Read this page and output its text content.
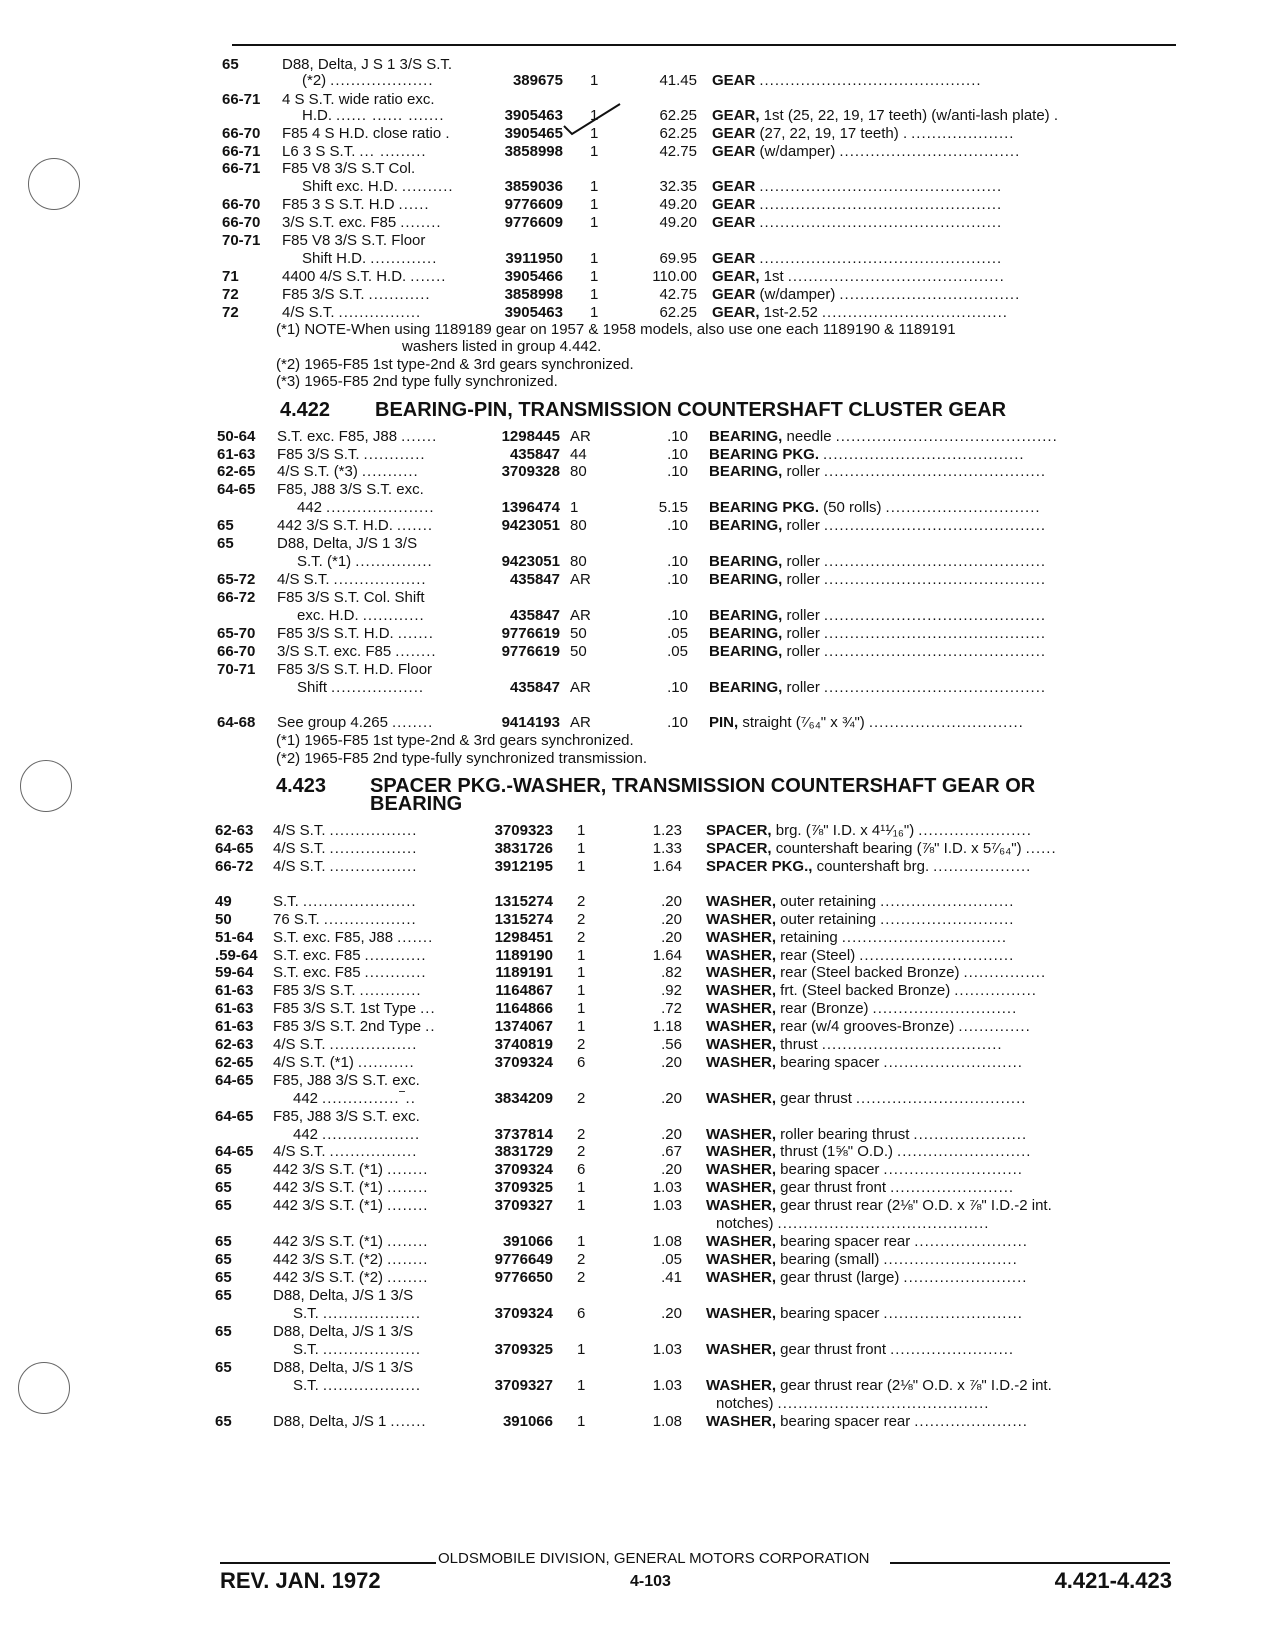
65	D88, Delta, J S 1 3/S S.T.
(*2) ....................	389675 1	41.45 GEAR ...........................................
66-71 4 S S.T. wide ratio exc.
H.D. ...... ...... .......	3905463 1	62.25 GEAR, 1st (25, 22, 19, 17 teeth) (w/anti-lash plate) .
66-70 F85 4 S H.D. close ratio .	3905465 1	62.25 GEAR (27, 22, 19, 17 teeth) . ....................
66-71 L6 3 S S.T. ... .........	3858998 1	42.75 GEAR (w/damper) ...................................
66-71 F85 V8 3/S S.T Col.
Shift exc. H.D. ..........	3859036 1	32.35 GEAR ...............................................
66-70 F85 3 S S.T. H.D ......	9776609 1	49.20 GEAR ...............................................
66-70 3/S S.T. exc. F85 ........	9776609 1	49.20 GEAR ...............................................
70-71 F85 V8 3/S S.T. Floor
Shift H.D. .............	3911950 1	69.95 GEAR ...............................................
71	4400 4/S S.T. H.D. .......	3905466 1	110.00 GEAR, 1st ..........................................
72	F85 3/S S.T. ............	3858998 1	42.75 GEAR (w/damper) ...................................
72	4/S S.T. ................	3905463 1	62.25 GEAR, 1st-2.52 ....................................
(*1) NOTE-When using 1189189 gear on 1957 & 1958 models, also use one each 1189190 & 1189191
washers listed in group 4.442.
(*2) 1965-F85 1st type-2nd & 3rd gears synchronized.
(*3) 1965-F85 2nd type fully synchronized.
4.422 BEARING-PIN, TRANSMISSION COUNTERSHAFT CLUSTER GEAR
50-64 S.T. exc. F85, J88 .......	1298445 AR	.10 BEARING, needle ...........................................
61-63 F85 3/S S.T. ............	435847 44	.10 BEARING PKG. .......................................
62-65 4/S S.T. (*3) ...........	3709328 80	.10 BEARING, roller ...........................................
64-65 F85, J88 3/S S.T. exc.
442 .....................	1396474 1	5.15 BEARING PKG. (50 rolls) ..............................
65	442 3/S S.T. H.D. .......	9423051 80	.10 BEARING, roller ...........................................
65	D88, Delta, J/S 1 3/S
S.T. (*1) ...............	9423051 80	.10 BEARING, roller ...........................................
65-72 4/S S.T. ..................	435847 AR	.10 BEARING, roller ...........................................
66-72 F85 3/S S.T. Col. Shift
exc. H.D. ............	435847 AR	.10 BEARING, roller ...........................................
65-70 F85 3/S S.T. H.D. .......	9776619 50	.05 BEARING, roller ...........................................
66-70 3/S S.T. exc. F85 ........	9776619 50	.05 BEARING, roller ...........................................
70-71 F85 3/S S.T. H.D. Floor
Shift ..................	435847 AR	.10 BEARING, roller ...........................................
64-68 See group 4.265 ........	9414193 AR	.10 PIN, straight (⁷⁄₆₄" x ¾") ..............................
(*1) 1965-F85 1st type-2nd & 3rd gears synchronized.
(*2) 1965-F85 2nd type-fully synchronized transmission.
4.423 SPACER PKG.-WASHER, TRANSMISSION COUNTERSHAFT GEAR OR
BEARING
62-63 4/S S.T. .................	3709323 1	1.23 SPACER, brg. (⅞" I.D. x 4¹¹⁄₁₆") ......................
64-65 4/S S.T. .................	3831726 1	1.33 SPACER, countershaft bearing (⅞" I.D. x 5⁷⁄₆₄") ......
66-72 4/S S.T. .................	3912195 1	1.64 SPACER PKG., countershaft brg. ...................
49	S.T. ......................	1315274 2	.20 WASHER, outer retaining ..........................
50	76 S.T. ..................	1315274 2	.20 WASHER, outer retaining ..........................
51-64 S.T. exc. F85, J88 .......	1298451 2	.20 WASHER, retaining ................................
.59-64 S.T. exc. F85 ............	1189190 1	1.64 WASHER, rear (Steel) ..............................
59-64 S.T. exc. F85 ............	1189191 1	.82 WASHER, rear (Steel backed Bronze) ................
61-63 F85 3/S S.T. ............	1164867 1	.92 WASHER, frt. (Steel backed Bronze) ................
61-63 F85 3/S S.T. 1st Type ...	1164866 1	.72 WASHER, rear (Bronze) ............................
61-63 F85 3/S S.T. 2nd Type ..	1374067 1	1.18 WASHER, rear (w/4 grooves-Bronze) ..............
62-63 4/S S.T. .................	3740819 2	.56 WASHER, thrust ...................................
62-65 4/S S.T. (*1) ...........	3709324 6	.20 WASHER, bearing spacer ...........................
64-65 F85, J88 3/S S.T. exc.
442 ...............‾..	3834209 2	.20 WASHER, gear thrust .................................
64-65 F85, J88 3/S S.T. exc.
442 ...................	3737814 2	.20 WASHER, roller bearing thrust ......................
64-65 4/S S.T. .................	3831729 2	.67 WASHER, thrust (1⅝" O.D.) ..........................
65	442 3/S S.T. (*1) ........	3709324 6	.20 WASHER, bearing spacer ...........................
65	442 3/S S.T. (*1) ........	3709325 1	1.03 WASHER, gear thrust front ........................
65	442 3/S S.T. (*1) ........	3709327 1	1.03 WASHER, gear thrust rear (2⅛" O.D. x ⅞" I.D.-2 int.
notches) .........................................
65	442 3/S S.T. (*1) ........	391066 1	1.08 WASHER, bearing spacer rear ......................
65	442 3/S S.T. (*2) ........	9776649 2	.05 WASHER, bearing (small) ..........................
65	442 3/S S.T. (*2) ........	9776650 2	.41 WASHER, gear thrust (large) ........................
65	D88, Delta, J/S 1 3/S
S.T. ...................	3709324 6	.20 WASHER, bearing spacer ...........................
65	D88, Delta, J/S 1 3/S
S.T. ...................	3709325 1	1.03 WASHER, gear thrust front ........................
65	D88, Delta, J/S 1 3/S
S.T. ...................	3709327 1	1.03 WASHER, gear thrust rear (2⅛" O.D. x ⅞" I.D.-2 int.
notches) .........................................
65	D88, Delta, J/S 1 .......	391066 1	1.08 WASHER, bearing spacer rear ......................
OLDSMOBILE DIVISION, GENERAL MOTORS CORPORATION
REV. JAN. 1972	4-103	4.421-4.423
